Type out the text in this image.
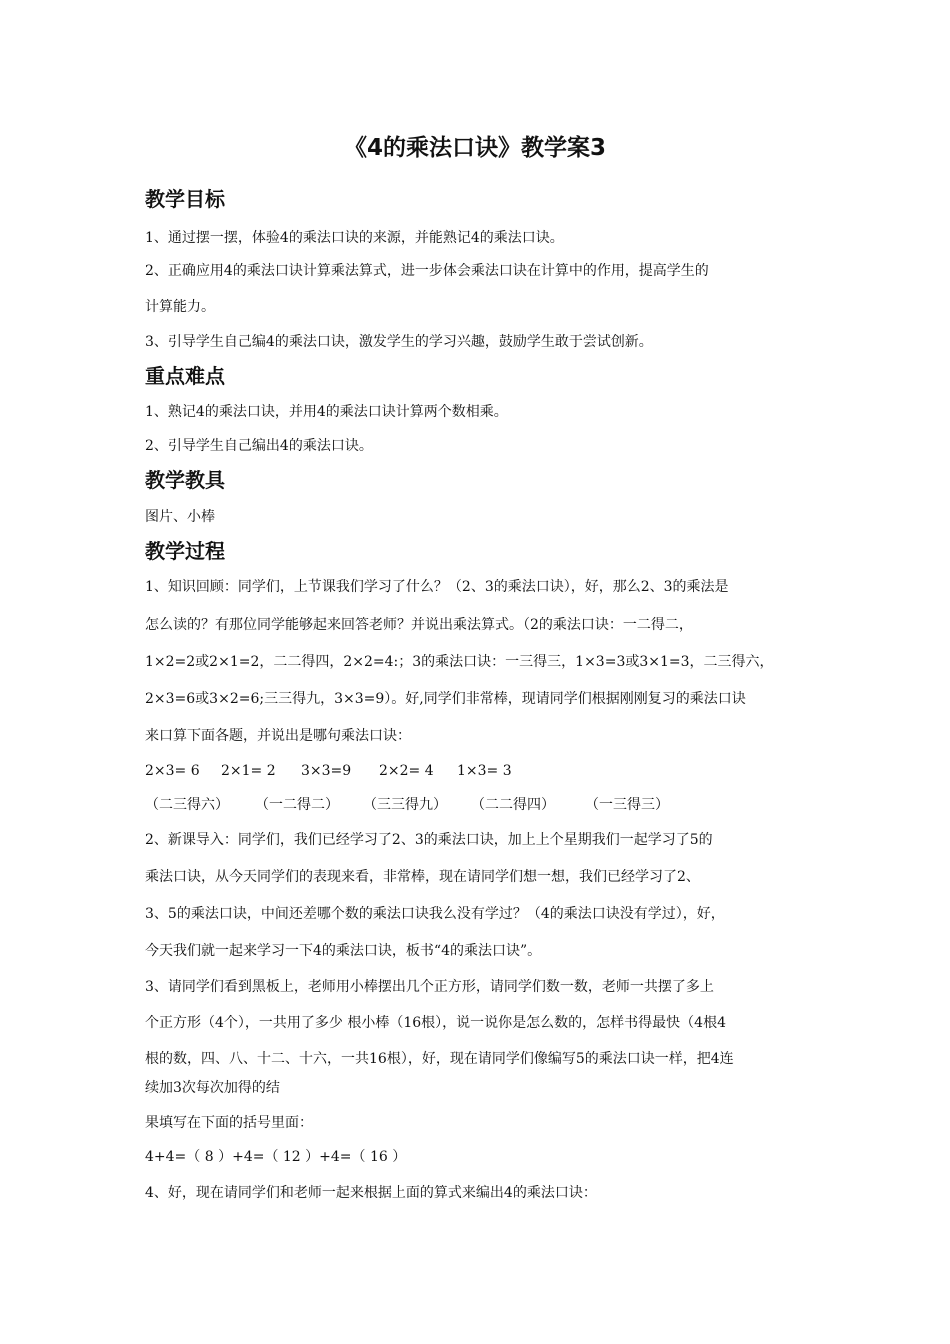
《4的乘法口诀》教学案3
教学目标
1、通过摆一摆，体验4的乘法口诀的来源，并能熟记4的乘法口诀。
2、正确应用4的乘法口诀计算乘法算式，进一步体会乘法口诀在计算中的作用，提高学生的
计算能力。
3、引导学生自己编4的乘法口诀，激发学生的学习兴趣，鼓励学生敢于尝试创新。
重点难点
1、熟记4的乘法口诀，并用4的乘法口诀计算两个数相乘。
2、引导学生自己编出4的乘法口诀。
教学教具
图片、小棒
教学过程
1、知识回顾：同学们，上节课我们学习了什么？（2、3的乘法口诀），好，那么2、3的乘法是
怎么读的？有那位同学能够起来回答老师？并说出乘法算式。（2的乘法口诀：一二得二，
1×2=2或2×1=2，二二得四，2×2=4:；3的乘法口诀：一三得三，1×3=3或3×1=3，二三得六，
2×3=6或3×2=6;三三得九，3×3=9）。好,同学们非常棒，现请同学们根据刚刚复习的乘法口诀
来口算下面各题，并说出是哪句乘法口诀：
2×3= 6 2×1= 2 3×3=9 2×2= 4 1×3= 3
（二三得六） （一二得二） （三三得九） （二二得四） （一三得三）
2、新课导入：同学们，我们已经学习了2、3的乘法口诀，加上上个星期我们一起学习了5的
乘法口诀，从今天同学们的表现来看，非常棒，现在请同学们想一想，我们已经学习了2、
3、5的乘法口诀，中间还差哪个数的乘法口诀我么没有学过？（4的乘法口诀没有学过），好，
今天我们就一起来学习一下4的乘法口诀，板书“4的乘法口诀”。
3、请同学们看到黑板上，老师用小棒摆出几个正方形，请同学们数一数，老师一共摆了多上
个正方形（4个），一共用了多少 根小棒（16根），说一说你是怎么数的，怎样书得最快（4根4
根的数，四、八、十二、十六，一共16根），好，现在请同学们像编写5的乘法口诀一样，把4连
续加3次每次加得的结
果填写在下面的括号里面：
4+4=（ 8 ）+4=（ 12 ）+4=（ 16 ）
4、好，现在请同学们和老师一起来根据上面的算式来编出4的乘法口诀：
